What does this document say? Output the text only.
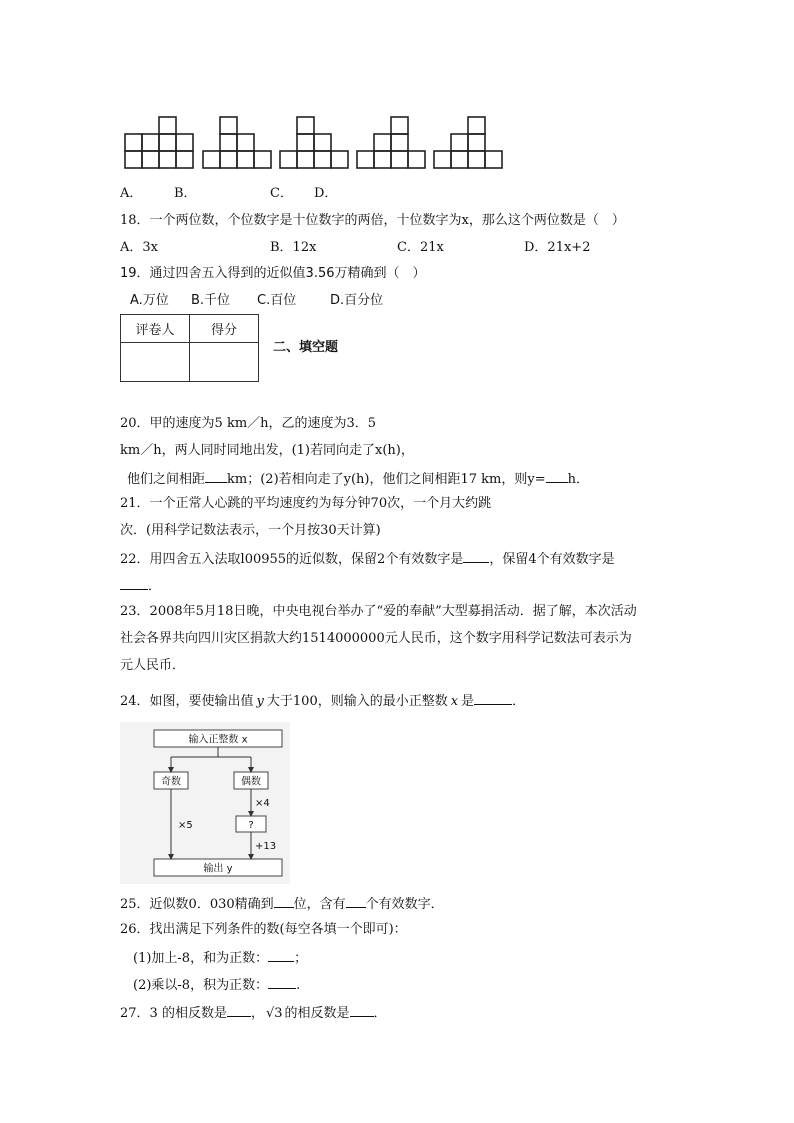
A． B．	C． D．
18．一个两位数，个位数字是十位数字的两倍，十位数字为x，那么这个两位数是（　）
A．3x	B．12x	C．21x	D．21x+2
19．通过四舍五入得到的近似值3.56万精确到（　）
A.万位 B.千位 C.百位	D.百分位
评卷人	得分

二、填空题
20．甲的速度为5 km／h，乙的速度为3．5
km／h，两人同时同地出发，(1)若同向走了x(h)，
他们之间相距 km；(2)若相向走了y(h)，他们之间相距17 km，则y= h．
21．一个正常人心跳的平均速度约为每分钟70次，一个月大约跳
次．(用科学记数法表示，一个月按30天计算)
22．用四舍五入法取l00955的近似数，保留2个有效数字是 ，保留4个有效数字是
．
23．2008年5月18日晚，中央电视台举办了“爱的奉献”大型募捐活动．据了解，本次活动
社会各界共向四川灾区捐款大约1514000000元人民币，这个数字用科学记数法可表示为
元人民币．
24．如图，要使输出值 y 大于100，则输入的最小正整数 x 是	．
输入正整数 x
奇数	偶数
×4
×5	?
+13
输出 y
25．近似数0．030精确到 位，含有 个有效数字．
26．找出满足下列条件的数(每空各填一个即可)：
(1)加上-8，和为正数： ；
(2)乘以-8，积为正数： .
27．3 的相反数是 ， √3 的相反数是 ．
